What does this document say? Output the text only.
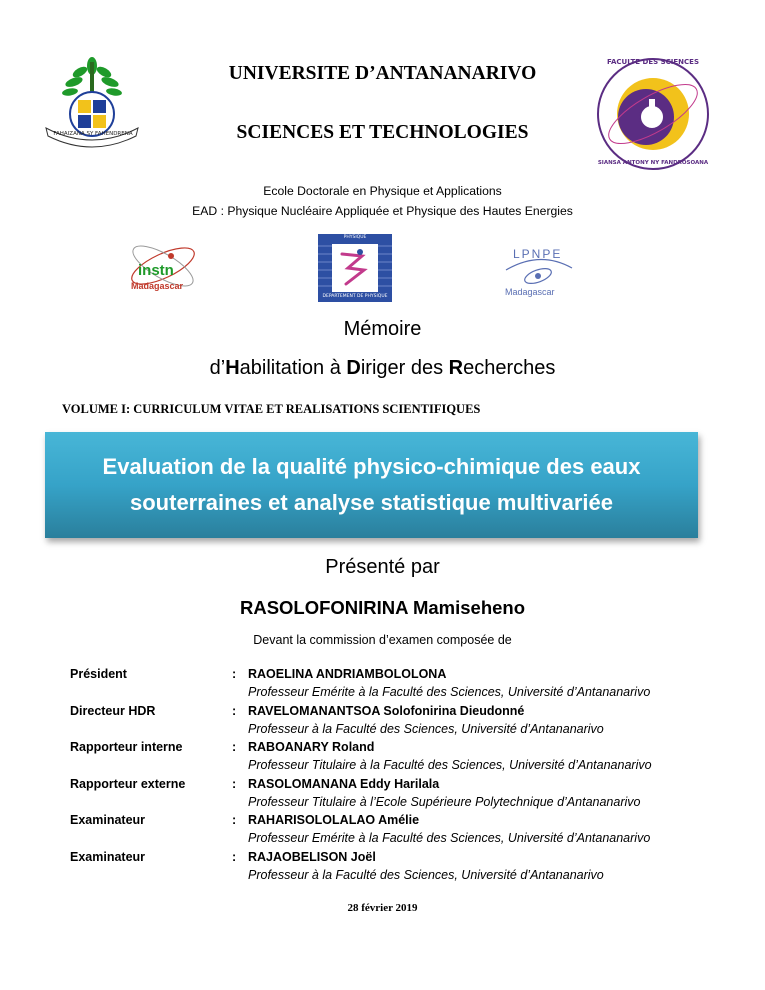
FAHAIZANA SY FAHENDRENA
FACULTE DES SCIENCES
SIANSA ANTONY NY FANDROSOANA
UNIVERSITE D’ANTANANARIVO
SCIENCES ET TECHNOLOGIES
Ecole Doctorale en Physique et Applications
EAD : Physique Nucléaire Appliquée et Physique des Hautes Energies
instn
Madagascar
PHYSIQUE
DEPARTEMENT DE PHYSIQUE
LPNPE
Madagascar
Mémoire
d’Habilitation à Diriger des Recherches
VOLUME I: CURRICULUM VITAE ET REALISATIONS SCIENTIFIQUES
Evaluation de la qualité physico-chimique des eaux
souterraines et analyse statistique multivariée
Présenté par
RASOLOFONIRINA Mamiseheno
Devant la commission d’examen composée de
Président	: RAOELINA ANDRIAMBOLOLONA
Professeur Emérite à la Faculté des Sciences, Université d’Antananarivo
Directeur HDR	: RAVELOMANANTSOA Solofonirina Dieudonné
Professeur à la Faculté des Sciences, Université d’Antananarivo
Rapporteur interne	: RABOANARY Roland
Professeur Titulaire à la Faculté des Sciences, Université d’Antananarivo
Rapporteur externe	: RASOLOMANANA Eddy Harilala
Professeur Titulaire à l’Ecole Supérieure Polytechnique d’Antananarivo
Examinateur	: RAHARISOLOLALAO Amélie
Professeur Emérite à la Faculté des Sciences, Université d’Antananarivo
Examinateur	: RAJAOBELISON Joël
Professeur à la Faculté des Sciences, Université d’Antananarivo
28 février 2019
